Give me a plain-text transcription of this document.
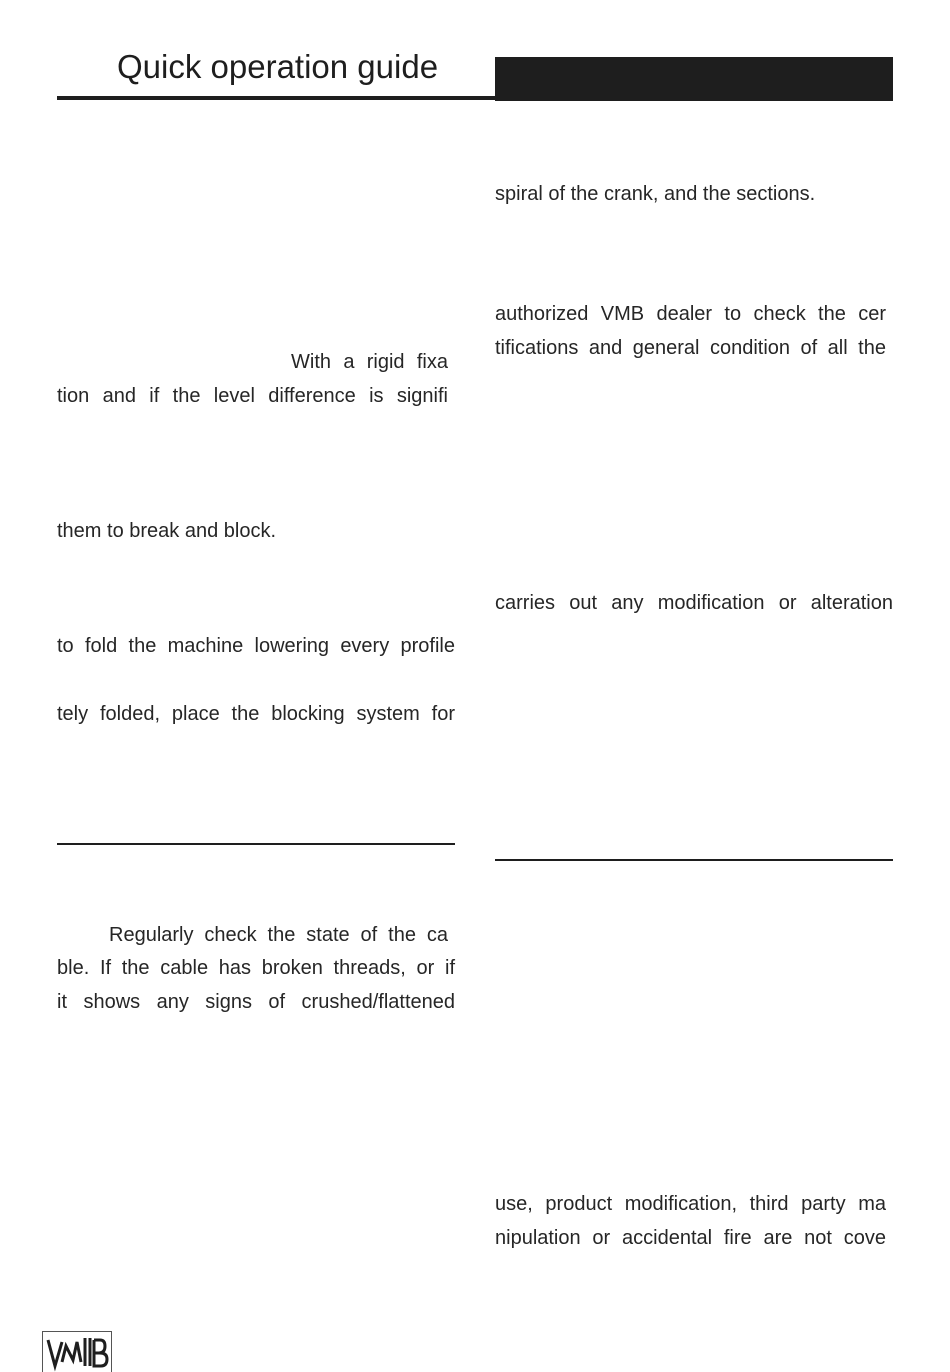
Quick operation guide
With a rigid fixa
tion and if the level difference is signifi
them to break and block.
to fold the machine lowering every profile
tely folded, place the blocking system for
Regularly check the state of the ca
ble. If the cable has broken threads, or if
it shows any signs of crushed/flattened
spiral of the crank, and the sections.
authorized VMB dealer to check the cer
tifications and general condition of all the
carries out any modification or alteration
use, product modification, third party ma
nipulation or accidental fire are not cove
